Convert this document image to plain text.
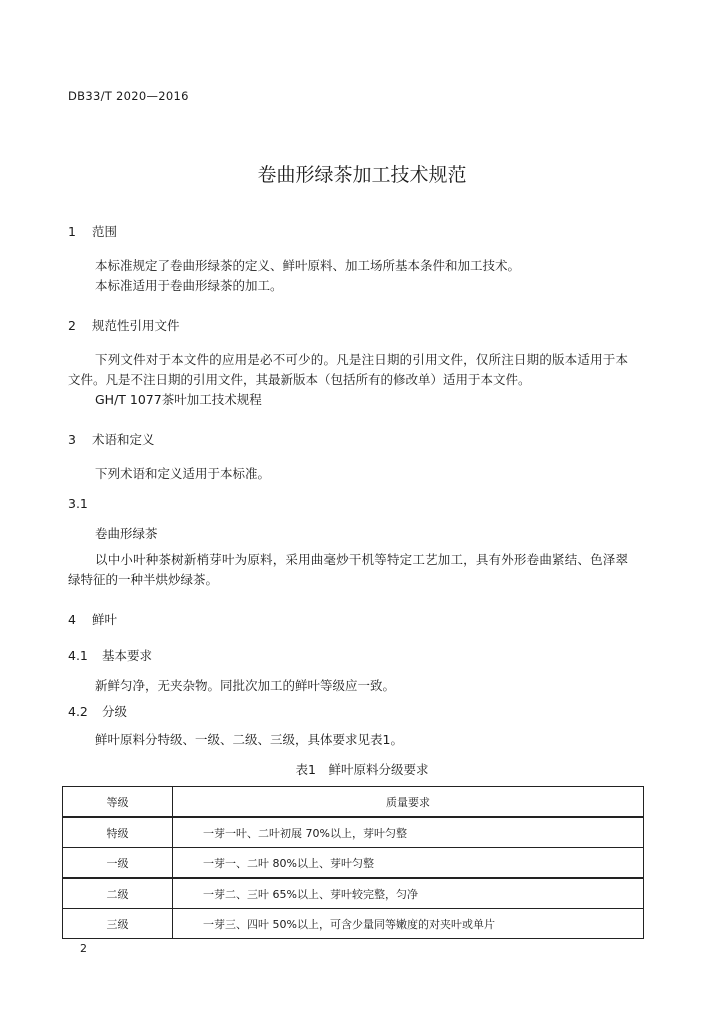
DB33/T 2020—2016
卷曲形绿茶加工技术规范
1 范围
本标准规定了卷曲形绿茶的定义、鲜叶原料、加工场所基本条件和加工技术。
本标准适用于卷曲形绿茶的加工。
2 规范性引用文件
下列文件对于本文件的应用是必不可少的。凡是注日期的引用文件，仅所注日期的版本适用于本文件。凡是不注日期的引用文件，其最新版本（包括所有的修改单）适用于本文件。
GH/T 1077茶叶加工技术规程
3 术语和定义
下列术语和定义适用于本标准。
3.1
卷曲形绿茶
以中小叶种茶树新梢芽叶为原料，采用曲毫炒干机等特定工艺加工，具有外形卷曲紧结、色泽翠绿特征的一种半烘炒绿茶。
4 鲜叶
4.1 基本要求
新鲜匀净，无夹杂物。同批次加工的鲜叶等级应一致。
4.2 分级
鲜叶原料分特级、一级、二级、三级，具体要求见表1。
表1　鲜叶原料分级要求
等级	质量要求
特级	一芽一叶、二叶初展 70%以上，芽叶匀整
一级	一芽一、二叶 80%以上、芽叶匀整
二级	一芽二、三叶 65%以上、芽叶较完整，匀净
三级	一芽三、四叶 50%以上，可含少量同等嫩度的对夹叶或单片
2
